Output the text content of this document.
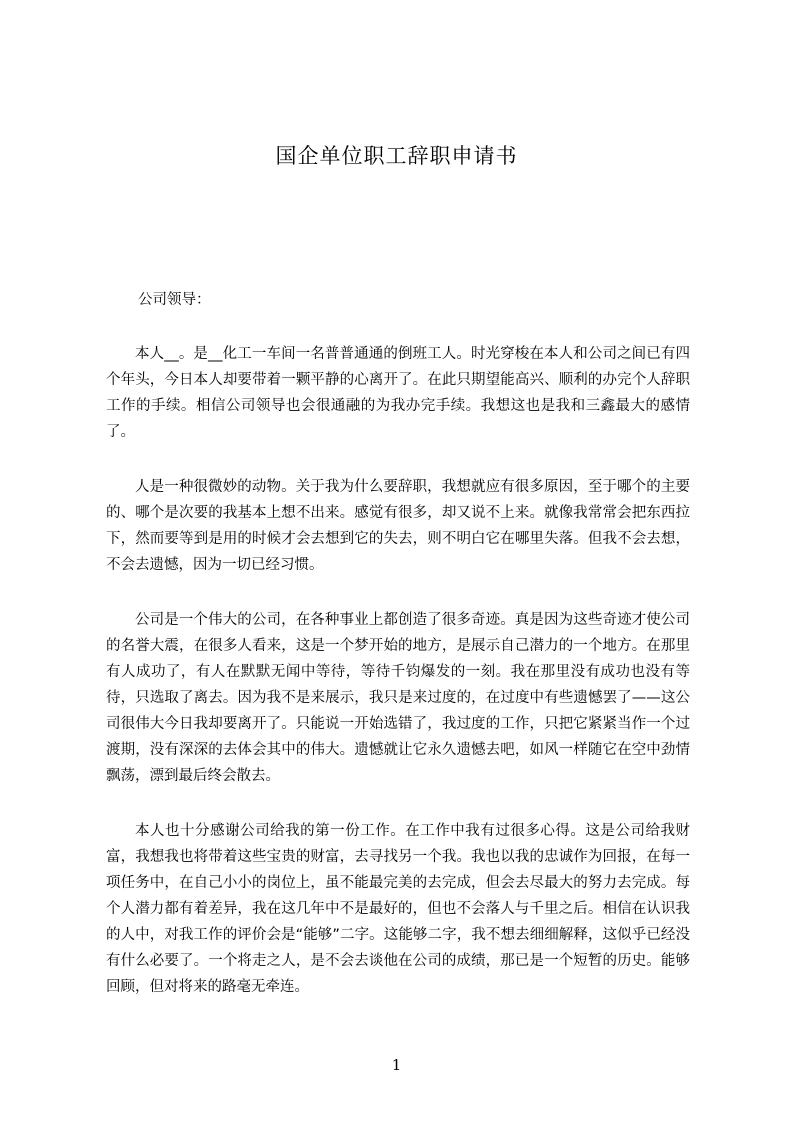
国企单位职工辞职申请书
公司领导：

本人__。是__化工一车间一名普普通通的倒班工人。时光穿梭在本人和公司之间已有四个年头，今日本人却要带着一颗平静的心离开了。在此只期望能高兴、顺利的办完个人辞职工作的手续。相信公司领导也会很通融的为我办完手续。我想这也是我和三鑫最大的感情了。

人是一种很微妙的动物。关于我为什么要辞职，我想就应有很多原因，至于哪个的主要的、哪个是次要的我基本上想不出来。感觉有很多，却又说不上来。就像我常常会把东西拉下，然而要等到是用的时候才会去想到它的失去，则不明白它在哪里失落。但我不会去想，不会去遗憾，因为一切已经习惯。

公司是一个伟大的公司，在各种事业上都创造了很多奇迹。真是因为这些奇迹才使公司的名誉大震，在很多人看来，这是一个梦开始的地方，是展示自己潜力的一个地方。在那里有人成功了，有人在默默无闻中等待，等待千钧爆发的一刻。我在那里没有成功也没有等待，只选取了离去。因为我不是来展示，我只是来过度的，在过度中有些遗憾罢了——这公司很伟大今日我却要离开了。只能说一开始选错了，我过度的工作，只把它紧紧当作一个过渡期，没有深深的去体会其中的伟大。遗憾就让它永久遗憾去吧，如风一样随它在空中劲情飘荡，漂到最后终会散去。

本人也十分感谢公司给我的第一份工作。在工作中我有过很多心得。这是公司给我财富，我想我也将带着这些宝贵的财富，去寻找另一个我。我也以我的忠诚作为回报，在每一项任务中，在自己小小的岗位上，虽不能最完美的去完成，但会去尽最大的努力去完成。每个人潜力都有着差异，我在这几年中不是最好的，但也不会落人与千里之后。相信在认识我的人中，对我工作的评价会是“能够”二字。这能够二字，我不想去细细解释，这似乎已经没有什么必要了。一个将走之人，是不会去谈他在公司的成绩，那已是一个短暂的历史。能够回顾，但对将来的路毫无牵连。

1
